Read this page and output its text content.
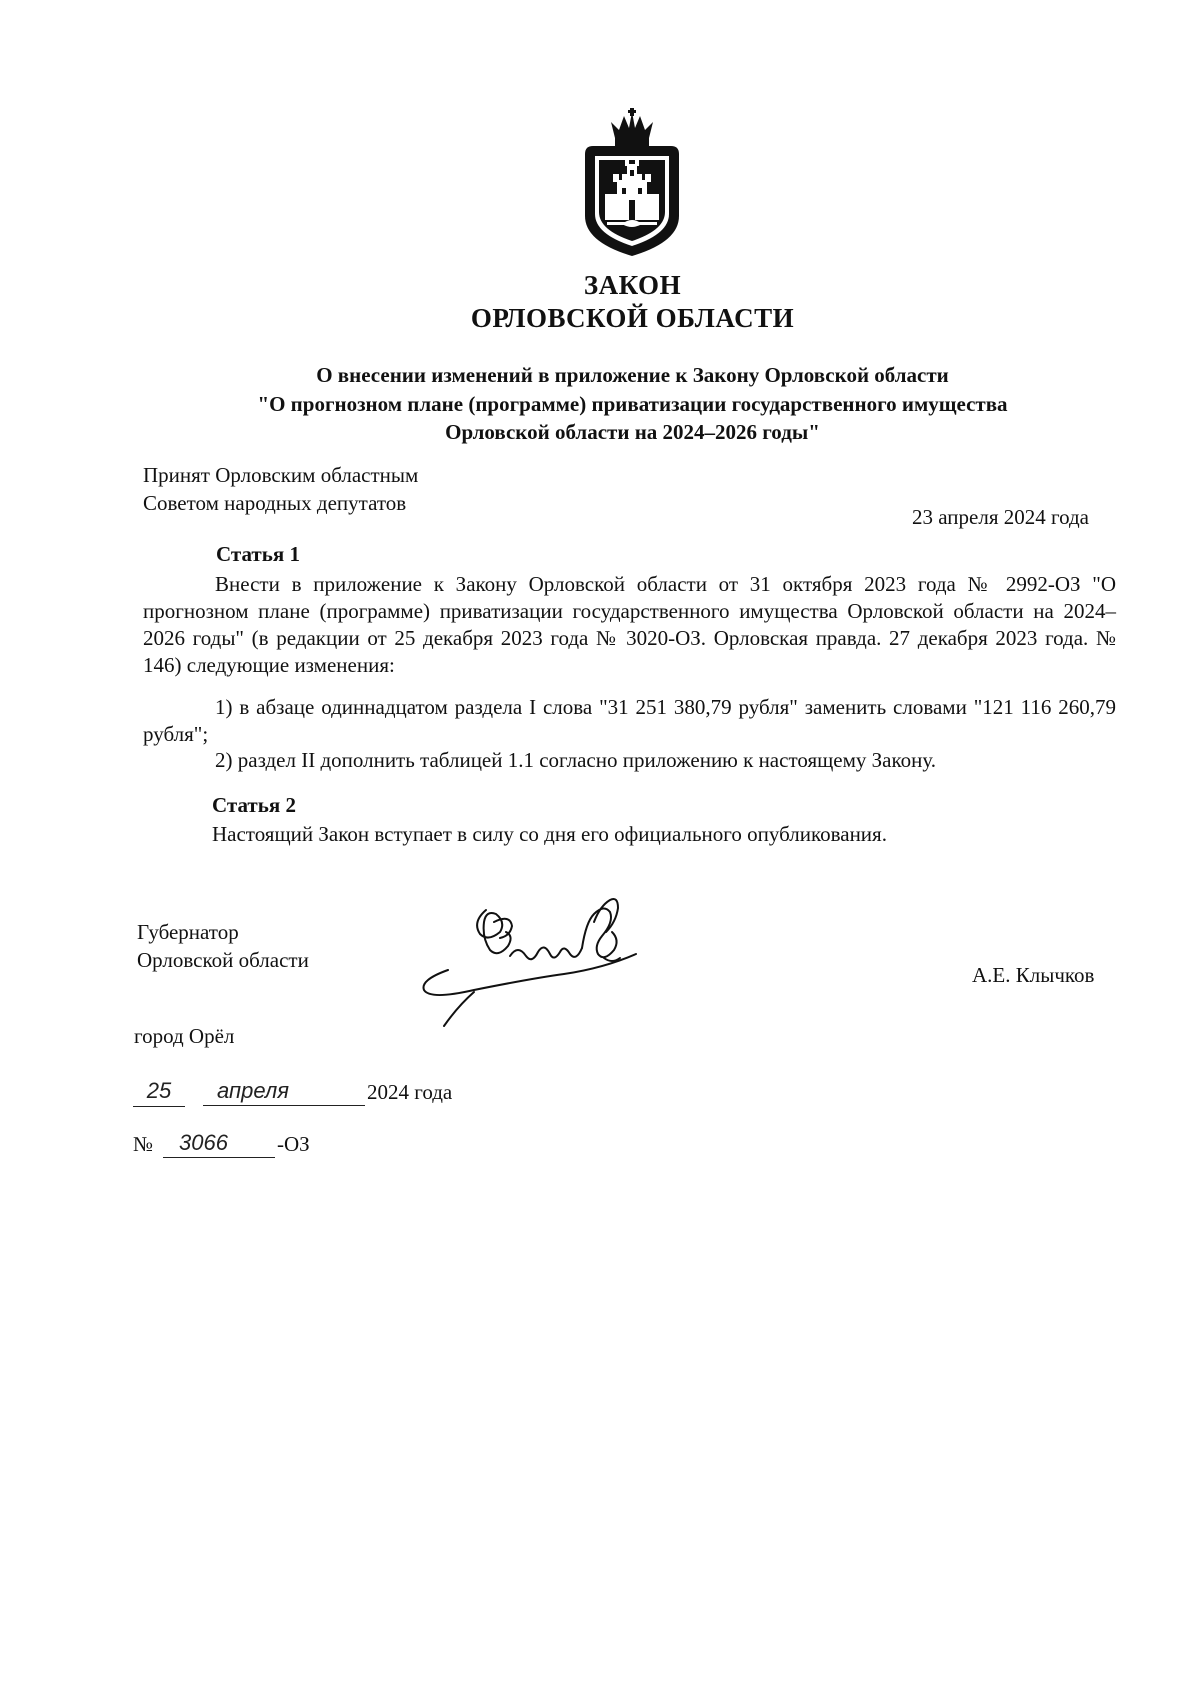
ЗАКОН
ОРЛОВСКОЙ ОБЛАСТИ
О внесении изменений в приложение к Закону Орловской области
"О прогнозном плане (программе) приватизации государственного имущества
Орловской области на 2024–2026 годы"
Принят Орловским областным
Советом народных депутатов
23 апреля 2024 года
Статья 1

Внести в приложение к Закону Орловской области от 31 октября 2023 года № 2992-ОЗ "О прогнозном плане (программе) приватизации государственного имущества Орловской области на 2024–2026 годы" (в редакции от 25 декабря 2023 года № 3020-ОЗ. Орловская правда. 27 декабря 2023 года. № 146) следующие изменения:

1) в абзаце одиннадцатом раздела I слова "31 251 380,79 рубля" заменить словами "121 116 260,79 рубля";

2) раздел II дополнить таблицей 1.1 согласно приложению к настоящему Закону.
Статья 2
Настоящий Закон вступает в силу со дня его официального опубликования.
Губернатор
Орловской области
А.Е. Клычков
город Орёл
25	апреля	2024 года
№	3066	-ОЗ
